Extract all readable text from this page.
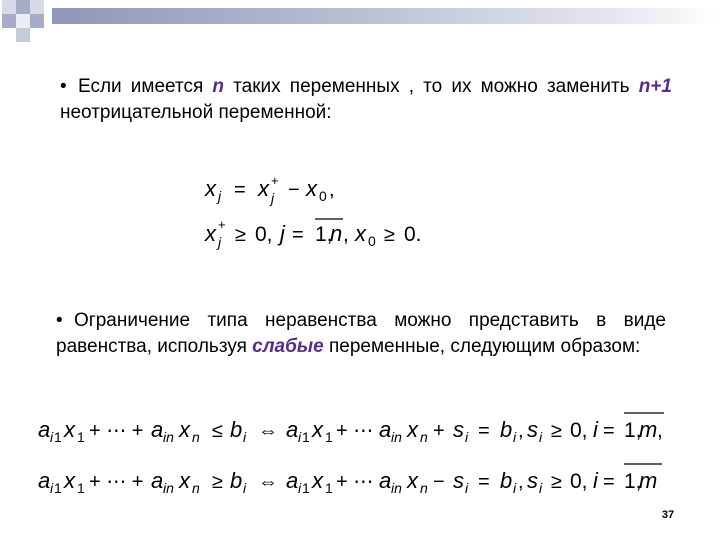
• Если имеется n таких переменных , то их можно заменить n+1 неотрицательной переменной:
• Ограничение типа неравенства можно представить в виде равенства, используя слабые переменные, следующим образом:
x j = x +
j − x 0 ,
x +
j ≥ 0, j = 1,
n , x 0 ≥ 0.
a i 1 x 1 + ⋯ + a in x n ≤ b i ⇔ a i 1 x 1 + ⋯ a in x n + s i = b i , s i ≥ 0, i = 1,
m ,
a i 1 x 1 + ⋯ + a in x n ≥ b i ⇔ a i 1 x 1 + ⋯ a in x n − s i = b i , s i ≥ 0, i = 1,
m
37
